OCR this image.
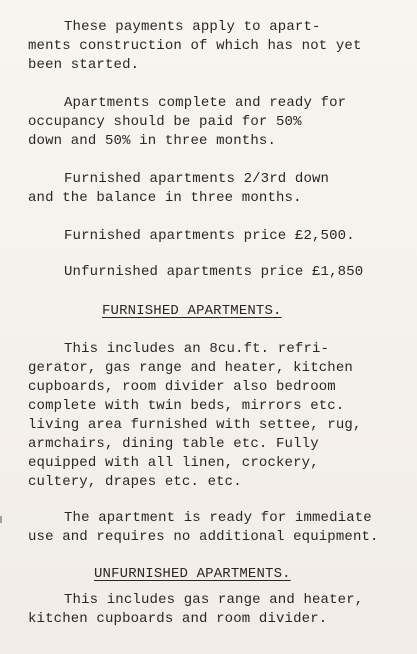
These payments apply to apart-
ments construction of which has not yet
been started.

Apartments complete and ready for
occupancy should be paid for 50%
down and 50% in three months.

Furnished apartments 2/3rd down
and the balance in three months.

Furnished apartments price £2,500.

Unfurnished apartments price £1,850

FURNISHED APARTMENTS.

This includes an 8cu.ft. refri-
gerator, gas range and heater, kitchen
cupboards, room divider also bedroom
complete with twin beds, mirrors etc.
living area furnished with settee, rug,
armchairs, dining table etc. Fully
equipped with all linen, crockery,
cultery, drapes etc. etc.

The apartment is ready for immediate
use and requires no additional equipment.

UNFURNISHED APARTMENTS.

This includes gas range and heater,
kitchen cupboards and room divider.
